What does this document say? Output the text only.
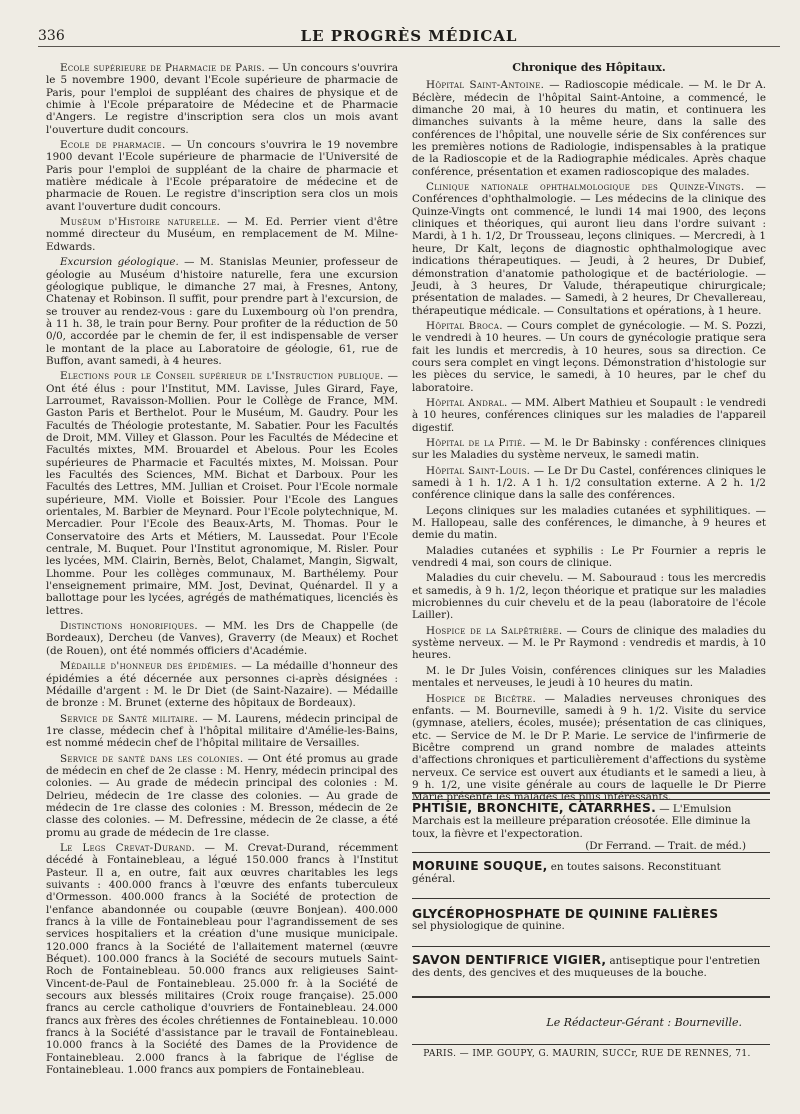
336	LE PROGRÈS MÉDICAL

Ecole supérieure de Pharmacie de Paris. — Un concours s'ouvrira le 5 novembre 1900, devant l'Ecole supérieure de pharmacie de Paris, pour l'emploi de suppléant des chaires de physique et de chimie à l'Ecole préparatoire de Médecine et de Pharmacie d'Angers. Le registre d'inscription sera clos un mois avant l'ouverture dudit concours.

Ecole de pharmacie. — Un concours s'ouvrira le 19 novembre 1900 devant l'Ecole supérieure de pharmacie de l'Université de Paris pour l'emploi de suppléant de la chaire de pharmacie et matière médicale à l'Ecole préparatoire de médecine et de pharmacie de Rouen. Le registre d'inscription sera clos un mois avant l'ouverture dudit concours.

Muséum d'Histoire naturelle. — M. Ed. Perrier vient d'être nommé directeur du Muséum, en remplacement de M. Milne-Edwards.

Excursion géologique. — M. Stanislas Meunier, professeur de géologie au Muséum d'histoire naturelle, fera une excursion géologique publique, le dimanche 27 mai, à Fresnes, Antony, Chatenay et Robinson. Il suffit, pour prendre part à l'excursion, de se trouver au rendez-vous : gare du Luxembourg où l'on prendra, à 11 h. 38, le train pour Berny. Pour profiter de la réduction de 50 0/0, accordée par le chemin de fer, il est indispensable de verser le montant de la place au Laboratoire de géologie, 61, rue de Buffon, avant samedi, à 4 heures.

Elections pour le Conseil supérieur de l'Instruction publique. — Ont été élus : pour l'Institut, MM. Lavisse, Jules Girard, Faye, Larroumet, Ravaisson-Mollien. Pour le Collège de France, MM. Gaston Paris et Berthelot. Pour le Muséum, M. Gaudry. Pour les Facultés de Théologie protestante, M. Sabatier. Pour les Facultés de Droit, MM. Villey et Glasson. Pour les Facultés de Médecine et Facultés mixtes, MM. Brouardel et Abelous. Pour les Ecoles supérieures de Pharmacie et Facultés mixtes, M. Moissan. Pour les Facultés des Sciences, MM. Bichat et Darboux. Pour les Facultés des Lettres, MM. Jullian et Croiset. Pour l'Ecole normale supérieure, MM. Violle et Boissier. Pour l'Ecole des Langues orientales, M. Barbier de Meynard. Pour l'Ecole polytechnique, M. Mercadier. Pour l'Ecole des Beaux-Arts, M. Thomas. Pour le Conservatoire des Arts et Métiers, M. Laussedat. Pour l'Ecole centrale, M. Buquet. Pour l'Institut agronomique, M. Risler. Pour les lycées, MM. Clairin, Bernès, Belot, Chalamet, Mangin, Sigwalt, Lhomme. Pour les collèges communaux, M. Barthélemy. Pour l'enseignement primaire, MM. Jost, Devinat, Quénardel. Il y a ballottage pour les lycées, agrégés de mathématiques, licenciés ès lettres.

Distinctions honorifiques. — MM. les Drs de Chappelle (de Bordeaux), Dercheu (de Vanves), Graverry (de Meaux) et Rochet (de Rouen), ont été nommés officiers d'Académie.

Médaille d'honneur des épidémies. — La médaille d'honneur des épidémies a été décernée aux personnes ci-après désignées : Médaille d'argent : M. le Dr Diet (de Saint-Nazaire). — Médaille de bronze : M. Brunet (externe des hôpitaux de Bordeaux).

Service de Santé militaire. — M. Laurens, médecin principal de 1re classe, médecin chef à l'hôpital militaire d'Amélie-les-Bains, est nommé médecin chef de l'hôpital militaire de Versailles.

Service de santé dans les colonies. — Ont été promus au grade de médecin en chef de 2e classe : M. Henry, médecin principal des colonies. — Au grade de médecin principal des colonies : M. Delrieu, médecin de 1re classe des colonies. — Au grade de médecin de 1re classe des colonies : M. Bresson, médecin de 2e classe des colonies. — M. Defressine, médecin de 2e classe, a été promu au grade de médecin de 1re classe.

Le Legs Crevat-Durand. — M. Crevat-Durand, récemment décédé à Fontainebleau, a légué 150.000 francs à l'Institut Pasteur. Il a, en outre, fait aux œuvres charitables les legs suivants : 400.000 francs à l'œuvre des enfants tuberculeux d'Ormesson. 400.000 francs à la Société de protection de l'enfance abandonnée ou coupable (œuvre Bonjean). 400.000 francs à la ville de Fontainebleau pour l'agrandissement de ses services hospitaliers et la création d'une musique municipale. 120.000 francs à la Société de l'allaitement maternel (œuvre Béquet). 100.000 francs à la Société de secours mutuels Saint-Roch de Fontainebleau. 50.000 francs aux religieuses Saint-Vincent-de-Paul de Fontainebleau. 25.000 fr. à la Société de secours aux blessés militaires (Croix rouge française). 25.000 francs au cercle catholique d'ouvriers de Fontainebleau. 24.000 francs aux frères des écoles chrétiennes de Fontainebleau. 10.000 francs à la Société d'assistance par le travail de Fontainebleau. 10.000 francs à la Société des Dames de la Providence de Fontainebleau. 2.000 francs à la fabrique de l'église de Fontainebleau. 1.000 francs aux pompiers de Fontainebleau.

Chronique des Hôpitaux.

Hôpital Saint-Antoine. — Radioscopie médicale. — M. le Dr A. Béclère, médecin de l'hôpital Saint-Antoine, a commencé, le dimanche 20 mai, à 10 heures du matin, et continuera les dimanches suivants à la même heure, dans la salle des conférences de l'hôpital, une nouvelle série de Six conférences sur les premières notions de Radiologie, indispensables à la pratique de la Radioscopie et de la Radiographie médicales. Après chaque conférence, présentation et examen radioscopique des malades.

Clinique nationale ophthalmologique des Quinze-Vingts. — Conférences d'ophthalmologie. — Les médecins de la clinique des Quinze-Vingts ont commencé, le lundi 14 mai 1900, des leçons cliniques et théoriques, qui auront lieu dans l'ordre suivant : Mardi, à 1 h. 1/2, Dr Trousseau, leçons cliniques. — Mercredi, à 1 heure, Dr Kalt, leçons de diagnostic ophthalmologique avec indications thérapeutiques. — Jeudi, à 2 heures, Dr Dubief, démonstration d'anatomie pathologique et de bactériologie. — Jeudi, à 3 heures, Dr Valude, thérapeutique chirurgicale; présentation de malades. — Samedi, à 2 heures, Dr Chevallereau, thérapeutique médicale. — Consultations et opérations, à 1 heure.

Hôpital Broca. — Cours complet de gynécologie. — M. S. Pozzi, le vendredi à 10 heures. — Un cours de gynécologie pratique sera fait les lundis et mercredis, à 10 heures, sous sa direction. Ce cours sera complet en vingt leçons. Démonstration d'histologie sur les pièces du service, le samedi, à 10 heures, par le chef du laboratoire.

Hôpital Andral. — MM. Albert Mathieu et Soupault : le vendredi à 10 heures, conférences cliniques sur les maladies de l'appareil digestif.

Hôpital de la Pitié. — M. le Dr Babinsky : conférences cliniques sur les Maladies du système nerveux, le samedi matin.

Hôpital Saint-Louis. — Le Dr Du Castel, conférences cliniques le samedi à 1 h. 1/2. A 1 h. 1/2 consultation externe. A 2 h. 1/2 conférence clinique dans la salle des conférences.

Leçons cliniques sur les maladies cutanées et syphilitiques. — M. Hallopeau, salle des conférences, le dimanche, à 9 heures et demie du matin.

Maladies cutanées et syphilis : Le Pr Fournier a repris le vendredi 4 mai, son cours de clinique.

Maladies du cuir chevelu. — M. Sabouraud : tous les mercredis et samedis, à 9 h. 1/2, leçon théorique et pratique sur les maladies microbiennes du cuir chevelu et de la peau (laboratoire de l'école Lailler).

Hospice de la Salpêtrière. — Cours de clinique des maladies du système nerveux. — M. le Pr Raymond : vendredis et mardis, à 10 heures.

M. le Dr Jules Voisin, conférences cliniques sur les Maladies mentales et nerveuses, le jeudi à 10 heures du matin.

Hospice de Bicêtre. — Maladies nerveuses chroniques des enfants. — M. Bourneville, samedi à 9 h. 1/2. Visite du service (gymnase, ateliers, écoles, musée); présentation de cas cliniques, etc. — Service de M. le Dr P. Marie. Le service de l'infirmerie de Bicêtre comprend un grand nombre de malades atteints d'affections chroniques et particulièrement d'affections du système nerveux. Ce service est ouvert aux étudiants et le samedi a lieu, à 9 h. 1/2, une visite générale au cours de laquelle le Dr Pierre Marie présente les malades les plus intéressants.

PHTISIE, BRONCHITE, CATARRHES. — L'Emulsion Marchais est la meilleure préparation créosotée. Elle diminue la toux, la fièvre et l'expectoration.
(Dr Ferrand. — Trait. de méd.)
MORUINE SOUQUE, en toutes saisons. Reconstituant général.
GLYCÉROPHOSPHATE DE QUININE FALIÈRES
sel physiologique de quinine.
SAVON DENTIFRICE VIGIER, antiseptique pour l'entretien des dents, des gencives et des muqueuses de la bouche.
Le Rédacteur-Gérant : Bourneville.
PARIS. — IMP. GOUPY, G. MAURIN, SUCCr, RUE DE RENNES, 71.
